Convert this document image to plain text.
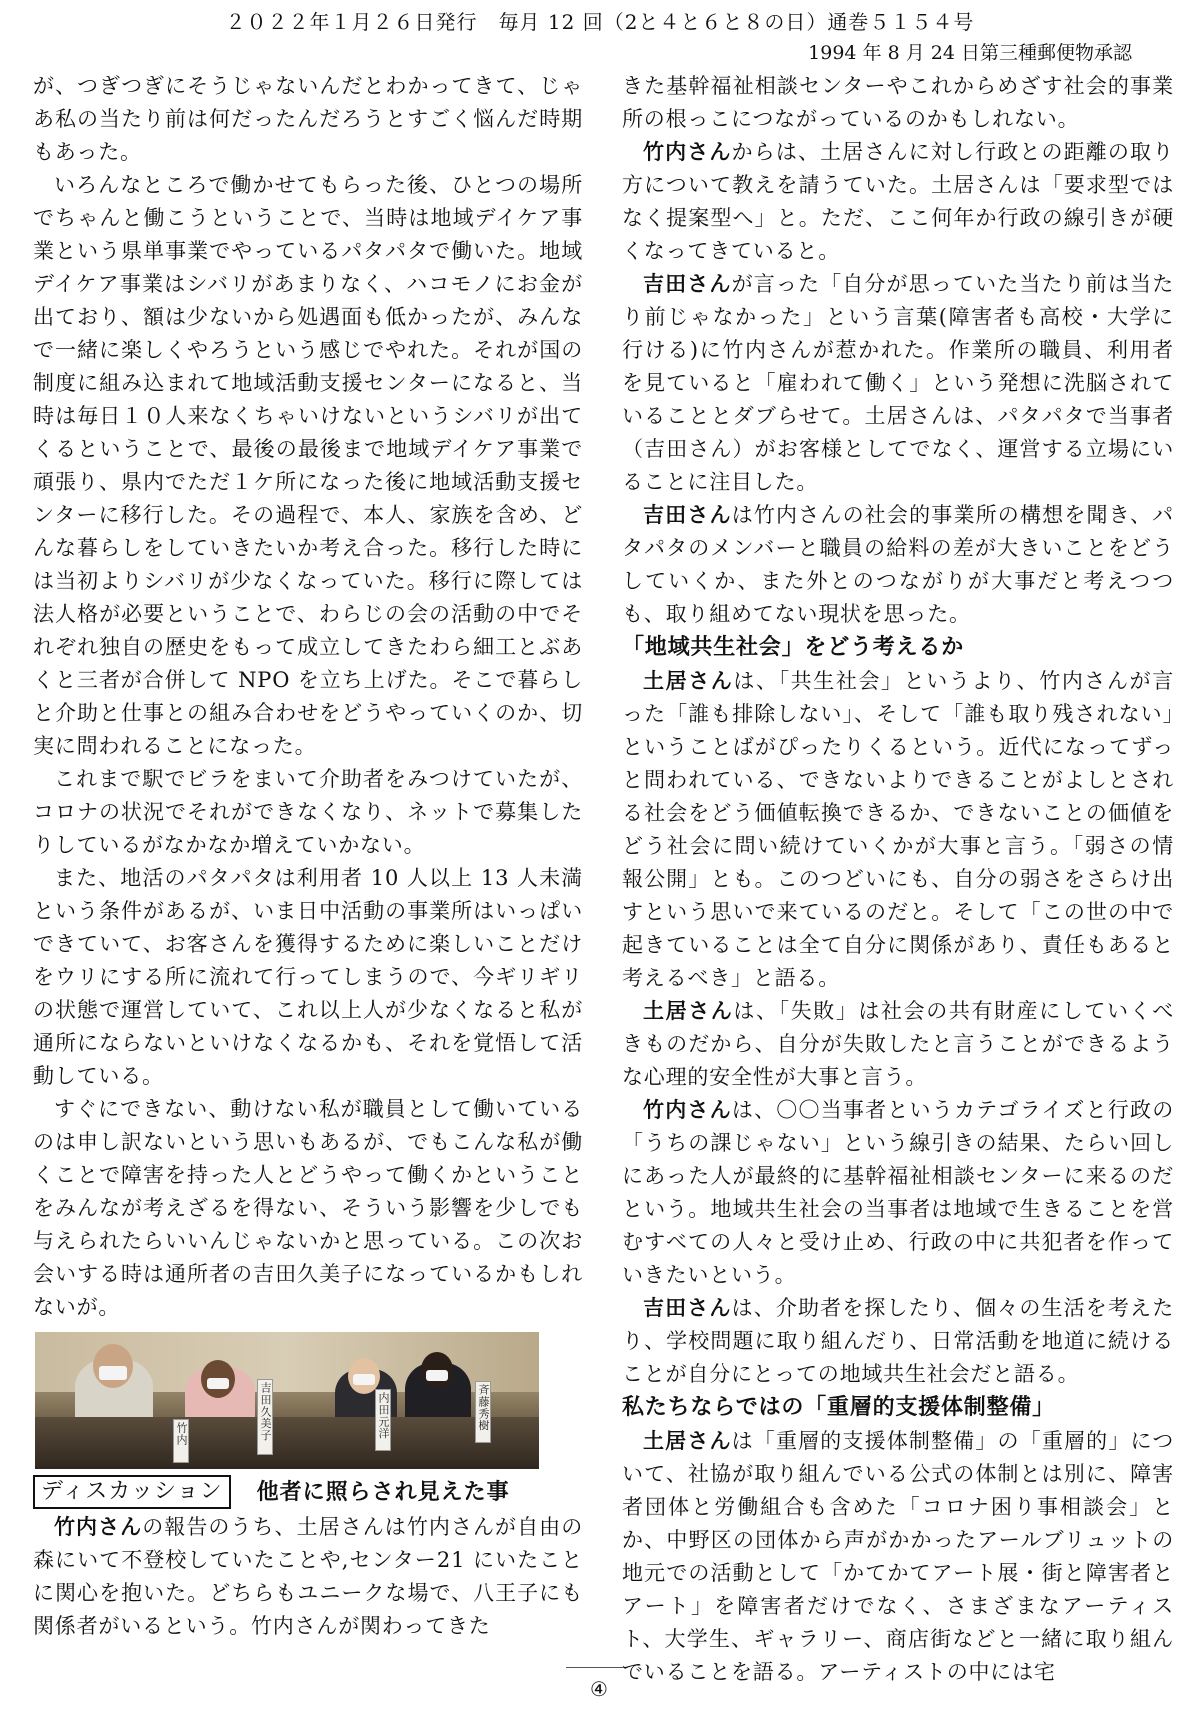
２０２２年１月２６日発行　毎月 12 回（2と４と６と８の日）通巻５１５４号
1994 年 8 月 24 日第三種郵便物承認

が、つぎつぎにそうじゃないんだとわかってきて、じゃあ私の当たり前は何だったんだろうとすごく悩んだ時期もあった。

いろんなところで働かせてもらった後、ひとつの場所でちゃんと働こうということで、当時は地域デイケア事業という県単事業でやっているパタパタで働いた。地域デイケア事業はシバリがあまりなく、ハコモノにお金が出ており、額は少ないから処遇面も低かったが、みんなで一緒に楽しくやろうという感じでやれた。それが国の制度に組み込まれて地域活動支援センターになると、当時は毎日１０人来なくちゃいけないというシバリが出てくるということで、最後の最後まで地域デイケア事業で頑張り、県内でただ１ケ所になった後に地域活動支援センターに移行した。その過程で、本人、家族を含め、どんな暮らしをしていきたいか考え合った。移行した時には当初よりシバリが少なくなっていた。移行に際しては法人格が必要ということで、わらじの会の活動の中でそれぞれ独自の歴史をもって成立してきたわら細工とぶあくと三者が合併して NPO を立ち上げた。そこで暮らしと介助と仕事との組み合わせをどうやっていくのか、切実に問われることになった。

これまで駅でビラをまいて介助者をみつけていたが、コロナの状況でそれができなくなり、ネットで募集したりしているがなかなか増えていかない。

また、地活のパタパタは利用者 10 人以上 13 人未満という条件があるが、いま日中活動の事業所はいっぱいできていて、お客さんを獲得するために楽しいことだけをウリにする所に流れて行ってしまうので、今ギリギリの状態で運営していて、これ以上人が少なくなると私が通所にならないといけなくなるかも、それを覚悟して活動している。

すぐにできない、動けない私が職員として働いているのは申し訳ないという思いもあるが、でもこんな私が働くことで障害を持った人とどうやって働くかということをみんなが考えざるを得ない、そういう影響を少しでも与えられたらいいんじゃないかと思っている。この次お会いする時は通所者の吉田久美子になっているかもしれないが。

竹内	吉田久美子	内田元洋	斉藤秀樹
ディスカッション	他者に照らされ見えた事

竹内さんの報告のうち、土居さんは竹内さんが自由の森にいて不登校していたことや,センター21 にいたことに関心を抱いた。どちらもユニークな場で、八王子にも関係者がいるという。竹内さんが関わってきた

きた基幹福祉相談センターやこれからめざす社会的事業所の根っこにつながっているのかもしれない。

竹内さんからは、土居さんに対し行政との距離の取り方について教えを請うていた。土居さんは「要求型ではなく提案型へ」と。ただ、ここ何年か行政の線引きが硬くなってきていると。

吉田さんが言った「自分が思っていた当たり前は当たり前じゃなかった」という言葉(障害者も高校・大学に行ける)に竹内さんが惹かれた。作業所の職員、利用者を見ていると「雇われて働く」という発想に洗脳されていることとダブらせて。土居さんは、パタパタで当事者（吉田さん）がお客様としてでなく、運営する立場にいることに注目した。

吉田さんは竹内さんの社会的事業所の構想を聞き、パタパタのメンバーと職員の給料の差が大きいことをどうしていくか、また外とのつながりが大事だと考えつつも、取り組めてない現状を思った。

「地域共生社会」をどう考えるか

土居さんは、「共生社会」というより、竹内さんが言った「誰も排除しない」、そして「誰も取り残されない」ということばがぴったりくるという。近代になってずっと問われている、できないよりできることがよしとされる社会をどう価値転換できるか、できないことの価値をどう社会に問い続けていくかが大事と言う。「弱さの情報公開」とも。このつどいにも、自分の弱さをさらけ出すという思いで来ているのだと。そして「この世の中で起きていることは全て自分に関係があり、責任もあると考えるべき」と語る。

土居さんは、「失敗」は社会の共有財産にしていくべきものだから、自分が失敗したと言うことができるような心理的安全性が大事と言う。

竹内さんは、〇〇当事者というカテゴライズと行政の「うちの課じゃない」という線引きの結果、たらい回しにあった人が最終的に基幹福祉相談センターに来るのだという。地域共生社会の当事者は地域で生きることを営むすべての人々と受け止め、行政の中に共犯者を作っていきたいという。

吉田さんは、介助者を探したり、個々の生活を考えたり、学校問題に取り組んだり、日常活動を地道に続けることが自分にとっての地域共生社会だと語る。

私たちならではの「重層的支援体制整備」

土居さんは「重層的支援体制整備」の「重層的」について、社協が取り組んでいる公式の体制とは別に、障害者団体と労働組合も含めた「コロナ困り事相談会」とか、中野区の団体から声がかかったアールブリュットの地元での活動として「かてかてアート展・街と障害者とアート」を障害者だけでなく、さまざまなアーティスト、大学生、ギャラリー、商店街などと一緒に取り組んでいることを語る。アーティストの中には宅

④
